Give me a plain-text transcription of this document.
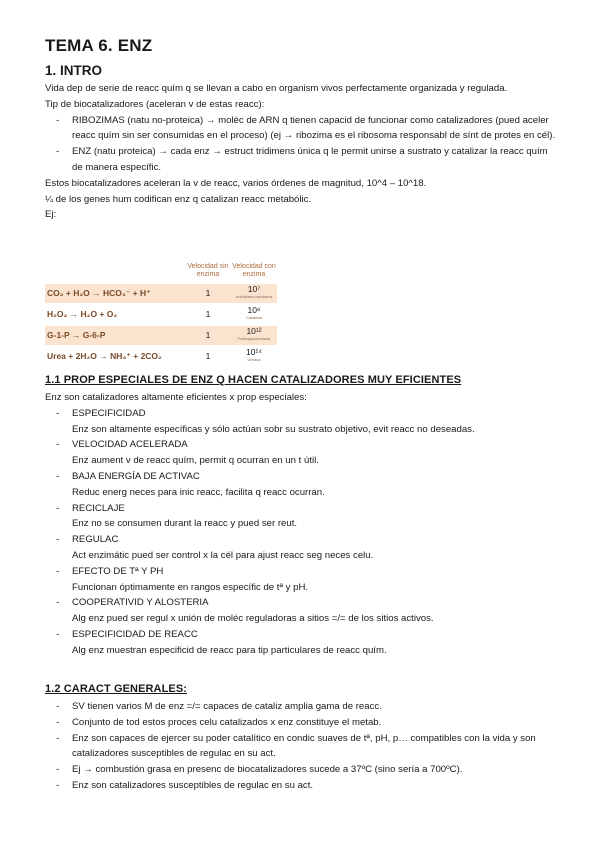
TEMA 6. ENZ
1. INTRO

Vida dep de serie de reacc quím q se llevan a cabo en organism vivos perfectamente organizada y regulada.

Tip de biocatalizadores (aceleran v de estas reacc):

- RIBOZIMAS (natu no-proteica) → moléc de ARN q tienen capacid de funcionar como catalizadores (pued aceler reacc quím sin ser consumidas en el proceso) (ej → ribozima es el ribosoma responsabl de sínt de protes en cél).
- ENZ (natu proteica) → cada enz → estruct tridimens única q le permit unirse a sustrato y catalizar la reacc quím de manera específic.

Estos biocatalizadores aceleran la v de reacc, varios órdenes de magnitud, 10^4 – 10^18.

¼ de los genes hum codifican enz q catalizan reacc metabólic.

Ej:

Velocidad sin enzima
Velocidad con enzima
CO₂ + H₂O → HCO₃⁻ + H⁺	1	10⁷
Anhidrasa carbónica
H₂O₂ → H₂O + O₂	1	10⁸
Catalasa
G-1-P → G-6-P	1	10¹²
Fosfoglucomutasa
Urea + 2H₂O → NH₄⁺ + 2CO₂	1	10¹⁴
Ureasa
1.1 PROP ESPECIALES DE ENZ Q HACEN CATALIZADORES MUY EFICIENTES

Enz son catalizadores altamente eficientes x prop especiales:

- ESPECIFICIDAD
Enz son altamente específicas y sólo actúan sobr su sustrato objetivo, evit reacc no deseadas.
- VELOCIDAD ACELERADA
Enz aument v de reacc quím, permit q ocurran en un t útil.
- BAJA ENERGÍA DE ACTIVAC
Reduc energ neces para inic reacc, facilita q reacc ocurran.
- RECICLAJE
Enz no se consumen durant la reacc y pued ser reut.
- REGULAC
Act enzimátic pued ser control x la cél para ajust reacc seg neces celu.
- EFECTO DE Tª Y PH
Funcionan óptimamente en rangos específic de tª y pH.
- COOPERATIVID Y ALOSTERIA
Alg enz pued ser regul x unión de moléc reguladoras a sitios =/= de los sitios activos.
- ESPECIFICIDAD DE REACC
Alg enz muestran especificid de reacc para tip particulares de reacc quím.
1.2 CARACT GENERALES:
- SV tienen varios M de enz =/= capaces de cataliz amplia gama de reacc.
- Conjunto de tod estos proces celu catalizados x enz constituye el metab.
- Enz son capaces de ejercer su poder catalítico en condic suaves de tª, pH, p… compatibles con la vida y son catalizadores susceptibles de regulac en su act.
- Ej → combustión grasa en presenc de biocatalizadores sucede a 37ºC (sino sería a 700ºC).
- Enz son catalizadores susceptibles de regulac en su act.
